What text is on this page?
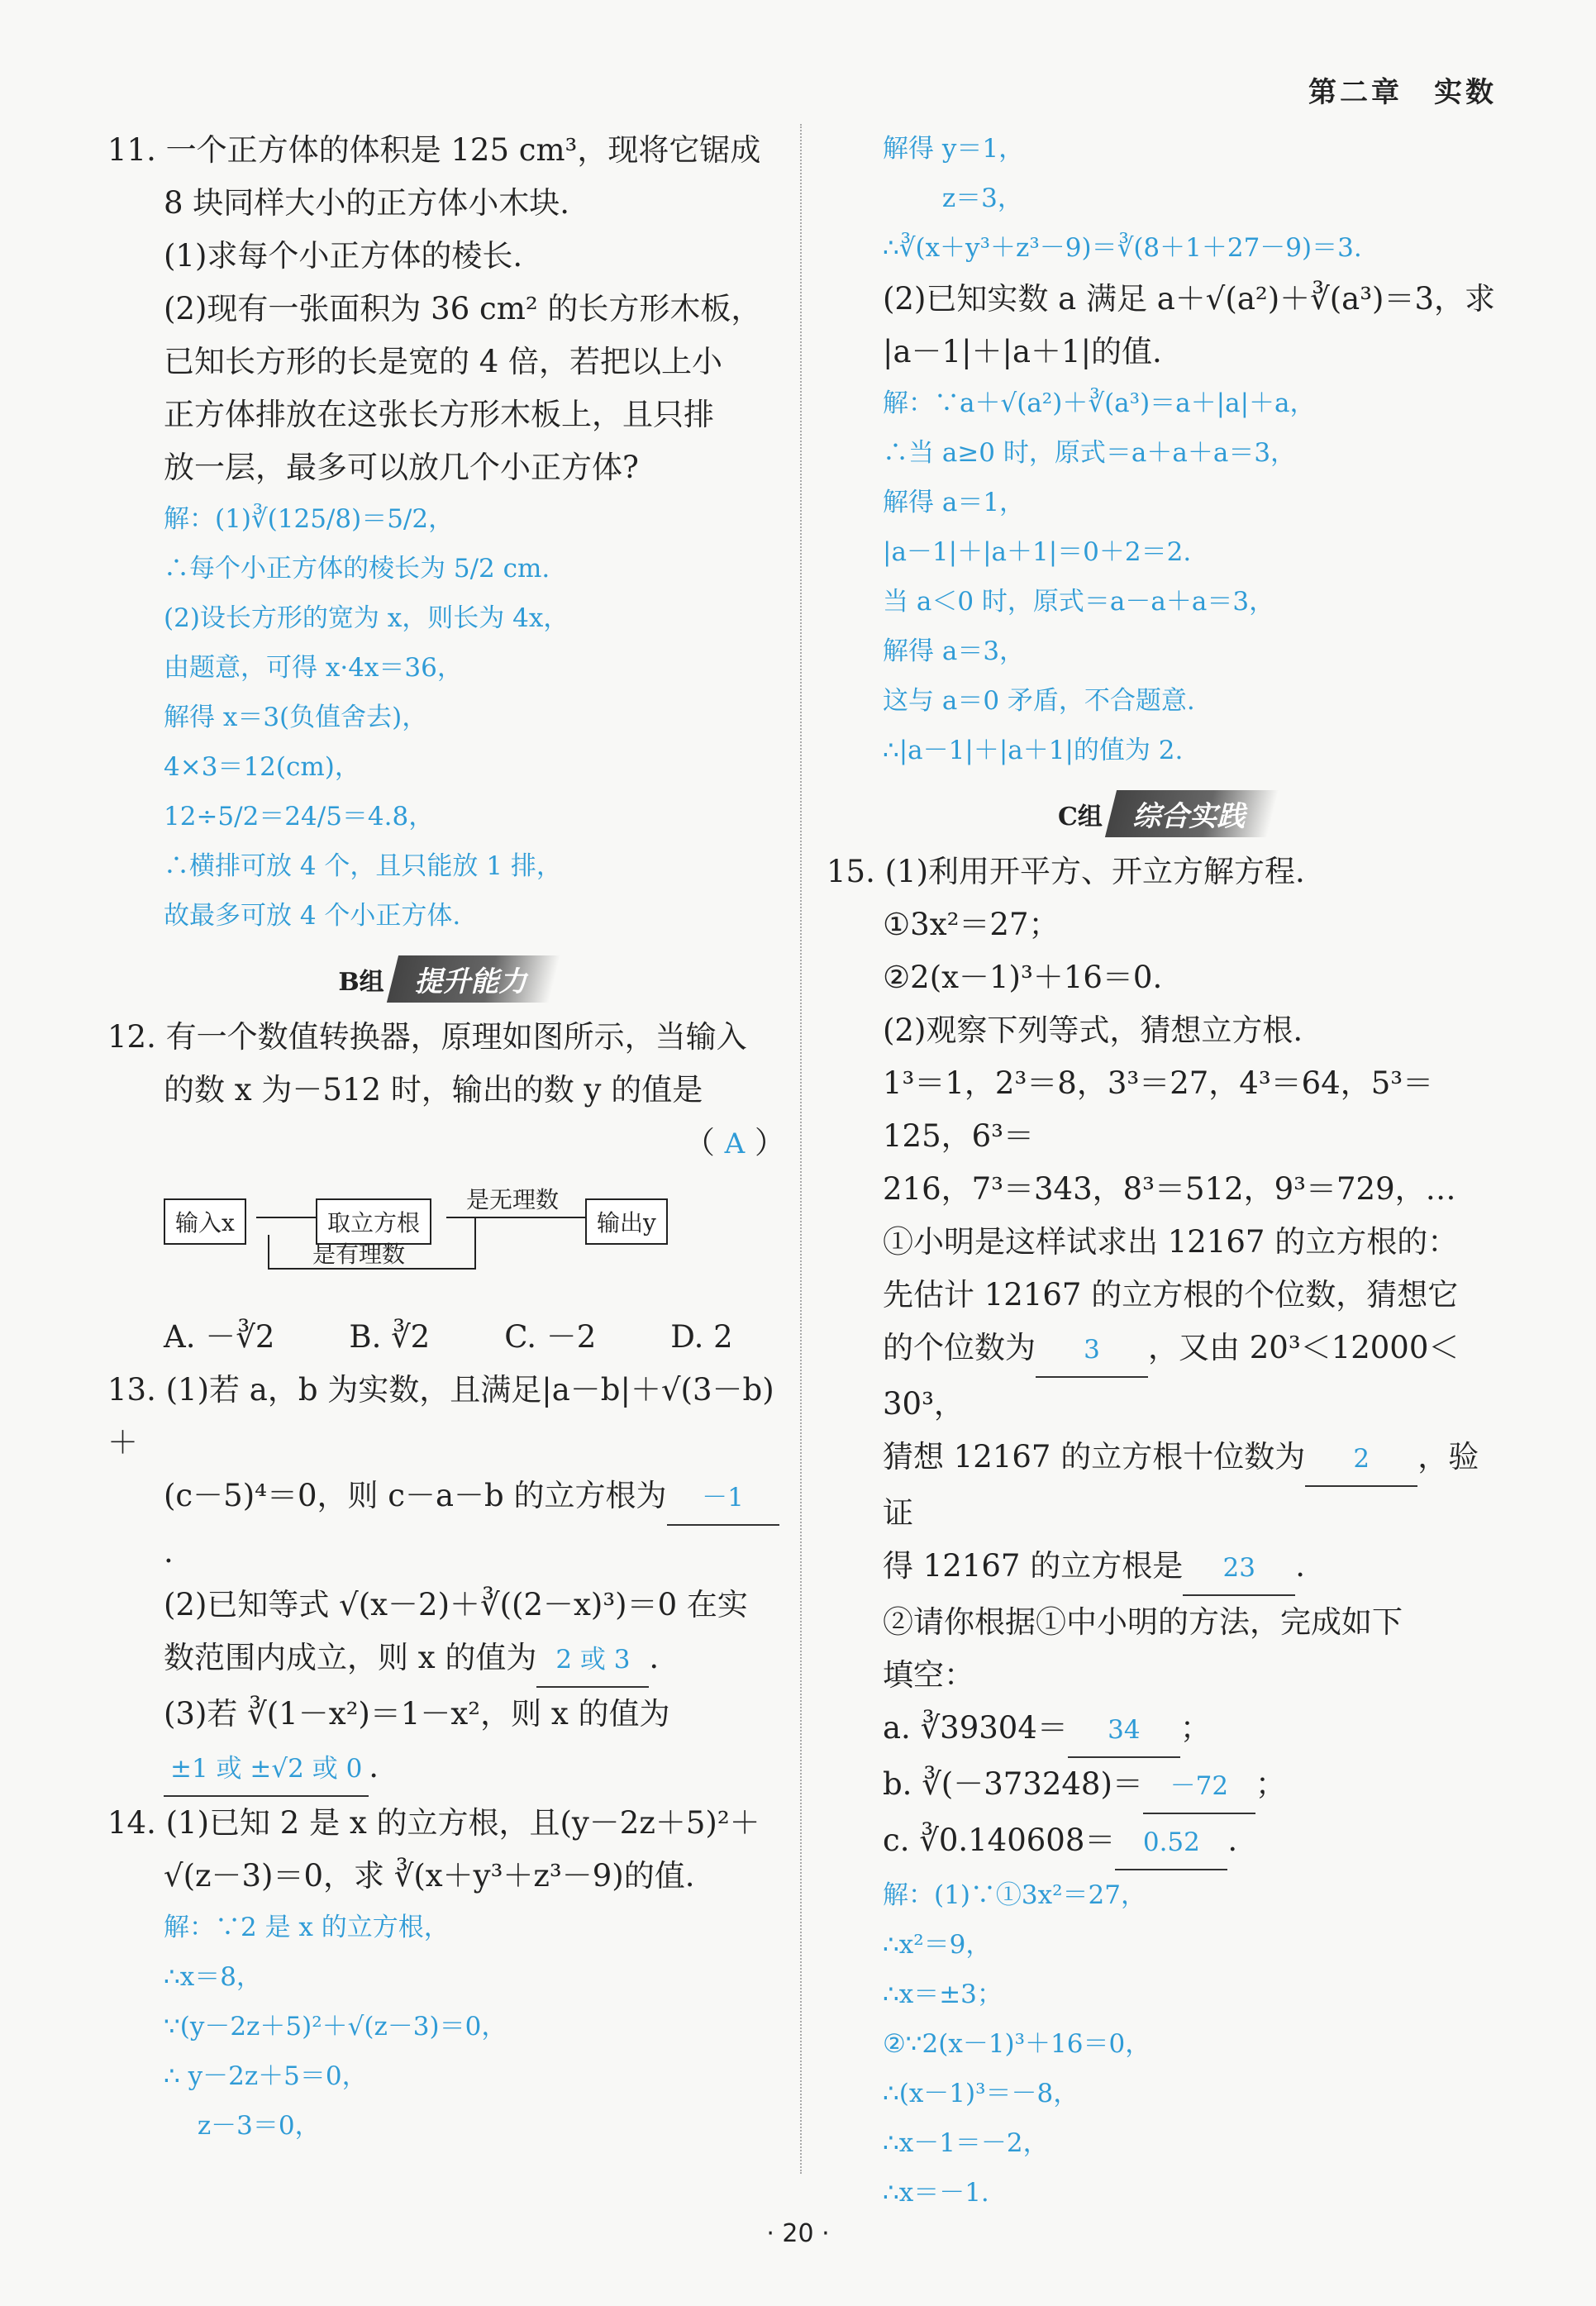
第二章　实数

11. 一个正方体的体积是 125 cm³，现将它锯成

8 块同样大小的正方体小木块.

(1)求每个小正方体的棱长.

(2)现有一张面积为 36 cm² 的长方形木板，

已知长方形的长是宽的 4 倍，若把以上小

正方体排放在这张长方形木板上，且只排

放一层，最多可以放几个小正方体?

解：(1)∛(125/8)＝5/2，

∴每个小正方体的棱长为 5/2 cm.

(2)设长方形的宽为 x，则长为 4x，

由题意，可得 x·4x＝36，

解得 x＝3(负值舍去)，

4×3＝12(cm)，

12÷5/2＝24/5＝4.8，

∴横排可放 4 个，且只能放 1 排，

故最多可放 4 个小正方体.

B组	提升能力

12. 有一个数值转换器，原理如图所示，当输入

的数 x 为－512 时，输出的数 y 的值是

（ A ）

输入x	取立方根
是无理数
输出y
是有理数
A. －∛2 B. ∛2 C. －2 D. 2

13. (1)若 a，b 为实数，且满足|a－b|＋√(3－b)＋

(c－5)⁴＝0，则 c－a－b 的立方根为 －1.

(2)已知等式 √(x－2)＋∛((2－x)³)＝0 在实

数范围内成立，则 x 的值为 2 或 3 .

(3)若 ∛(1－x²)＝1－x²，则 x 的值为

±1 或 ±√2 或 0 .

14. (1)已知 2 是 x 的立方根，且(y－2z＋5)²＋

√(z－3)＝0，求 ∛(x＋y³＋z³－9)的值.

解：∵2 是 x 的立方根，

∴x＝8，

∵(y－2z＋5)²＋√(z－3)＝0，

∴ y－2z＋5＝0，

　 z－3＝0，

解得 y＝1，

　　 z＝3，

∴∛(x＋y³＋z³－9)＝∛(8＋1＋27－9)＝3.

(2)已知实数 a 满足 a＋√(a²)＋∛(a³)＝3，求

|a－1|＋|a＋1|的值.

解：∵a＋√(a²)＋∛(a³)＝a＋|a|＋a，

∴当 a≥0 时，原式＝a＋a＋a＝3，

解得 a＝1，

|a－1|＋|a＋1|＝0＋2＝2.

当 a＜0 时，原式＝a－a＋a＝3，

解得 a＝3，

这与 a＝0 矛盾，不合题意.

∴|a－1|＋|a＋1|的值为 2.

C组	综合实践

15. (1)利用开平方、开立方解方程.

①3x²＝27；

②2(x－1)³＋16＝0.

(2)观察下列等式，猜想立方根.

1³＝1，2³＝8，3³＝27，4³＝64，5³＝125，6³＝

216，7³＝343，8³＝512，9³＝729，…

①小明是这样试求出 12167 的立方根的：

先估计 12167 的立方根的个位数，猜想它

的个位数为 3 ，又由 20³＜12000＜30³，

猜想 12167 的立方根十位数为 2 ，验证

得 12167 的立方根是 23 .

②请你根据①中小明的方法，完成如下

填空：

a. ∛39304＝ 34 ；

b. ∛(－373248)＝ －72 ；

c. ∛0.140608＝ 0.52 .

解：(1)∵①3x²＝27，

∴x²＝9，

∴x＝±3；

②∵2(x－1)³＋16＝0，

∴(x－1)³＝－8，

∴x－1＝－2，

∴x＝－1.

· 20 ·
